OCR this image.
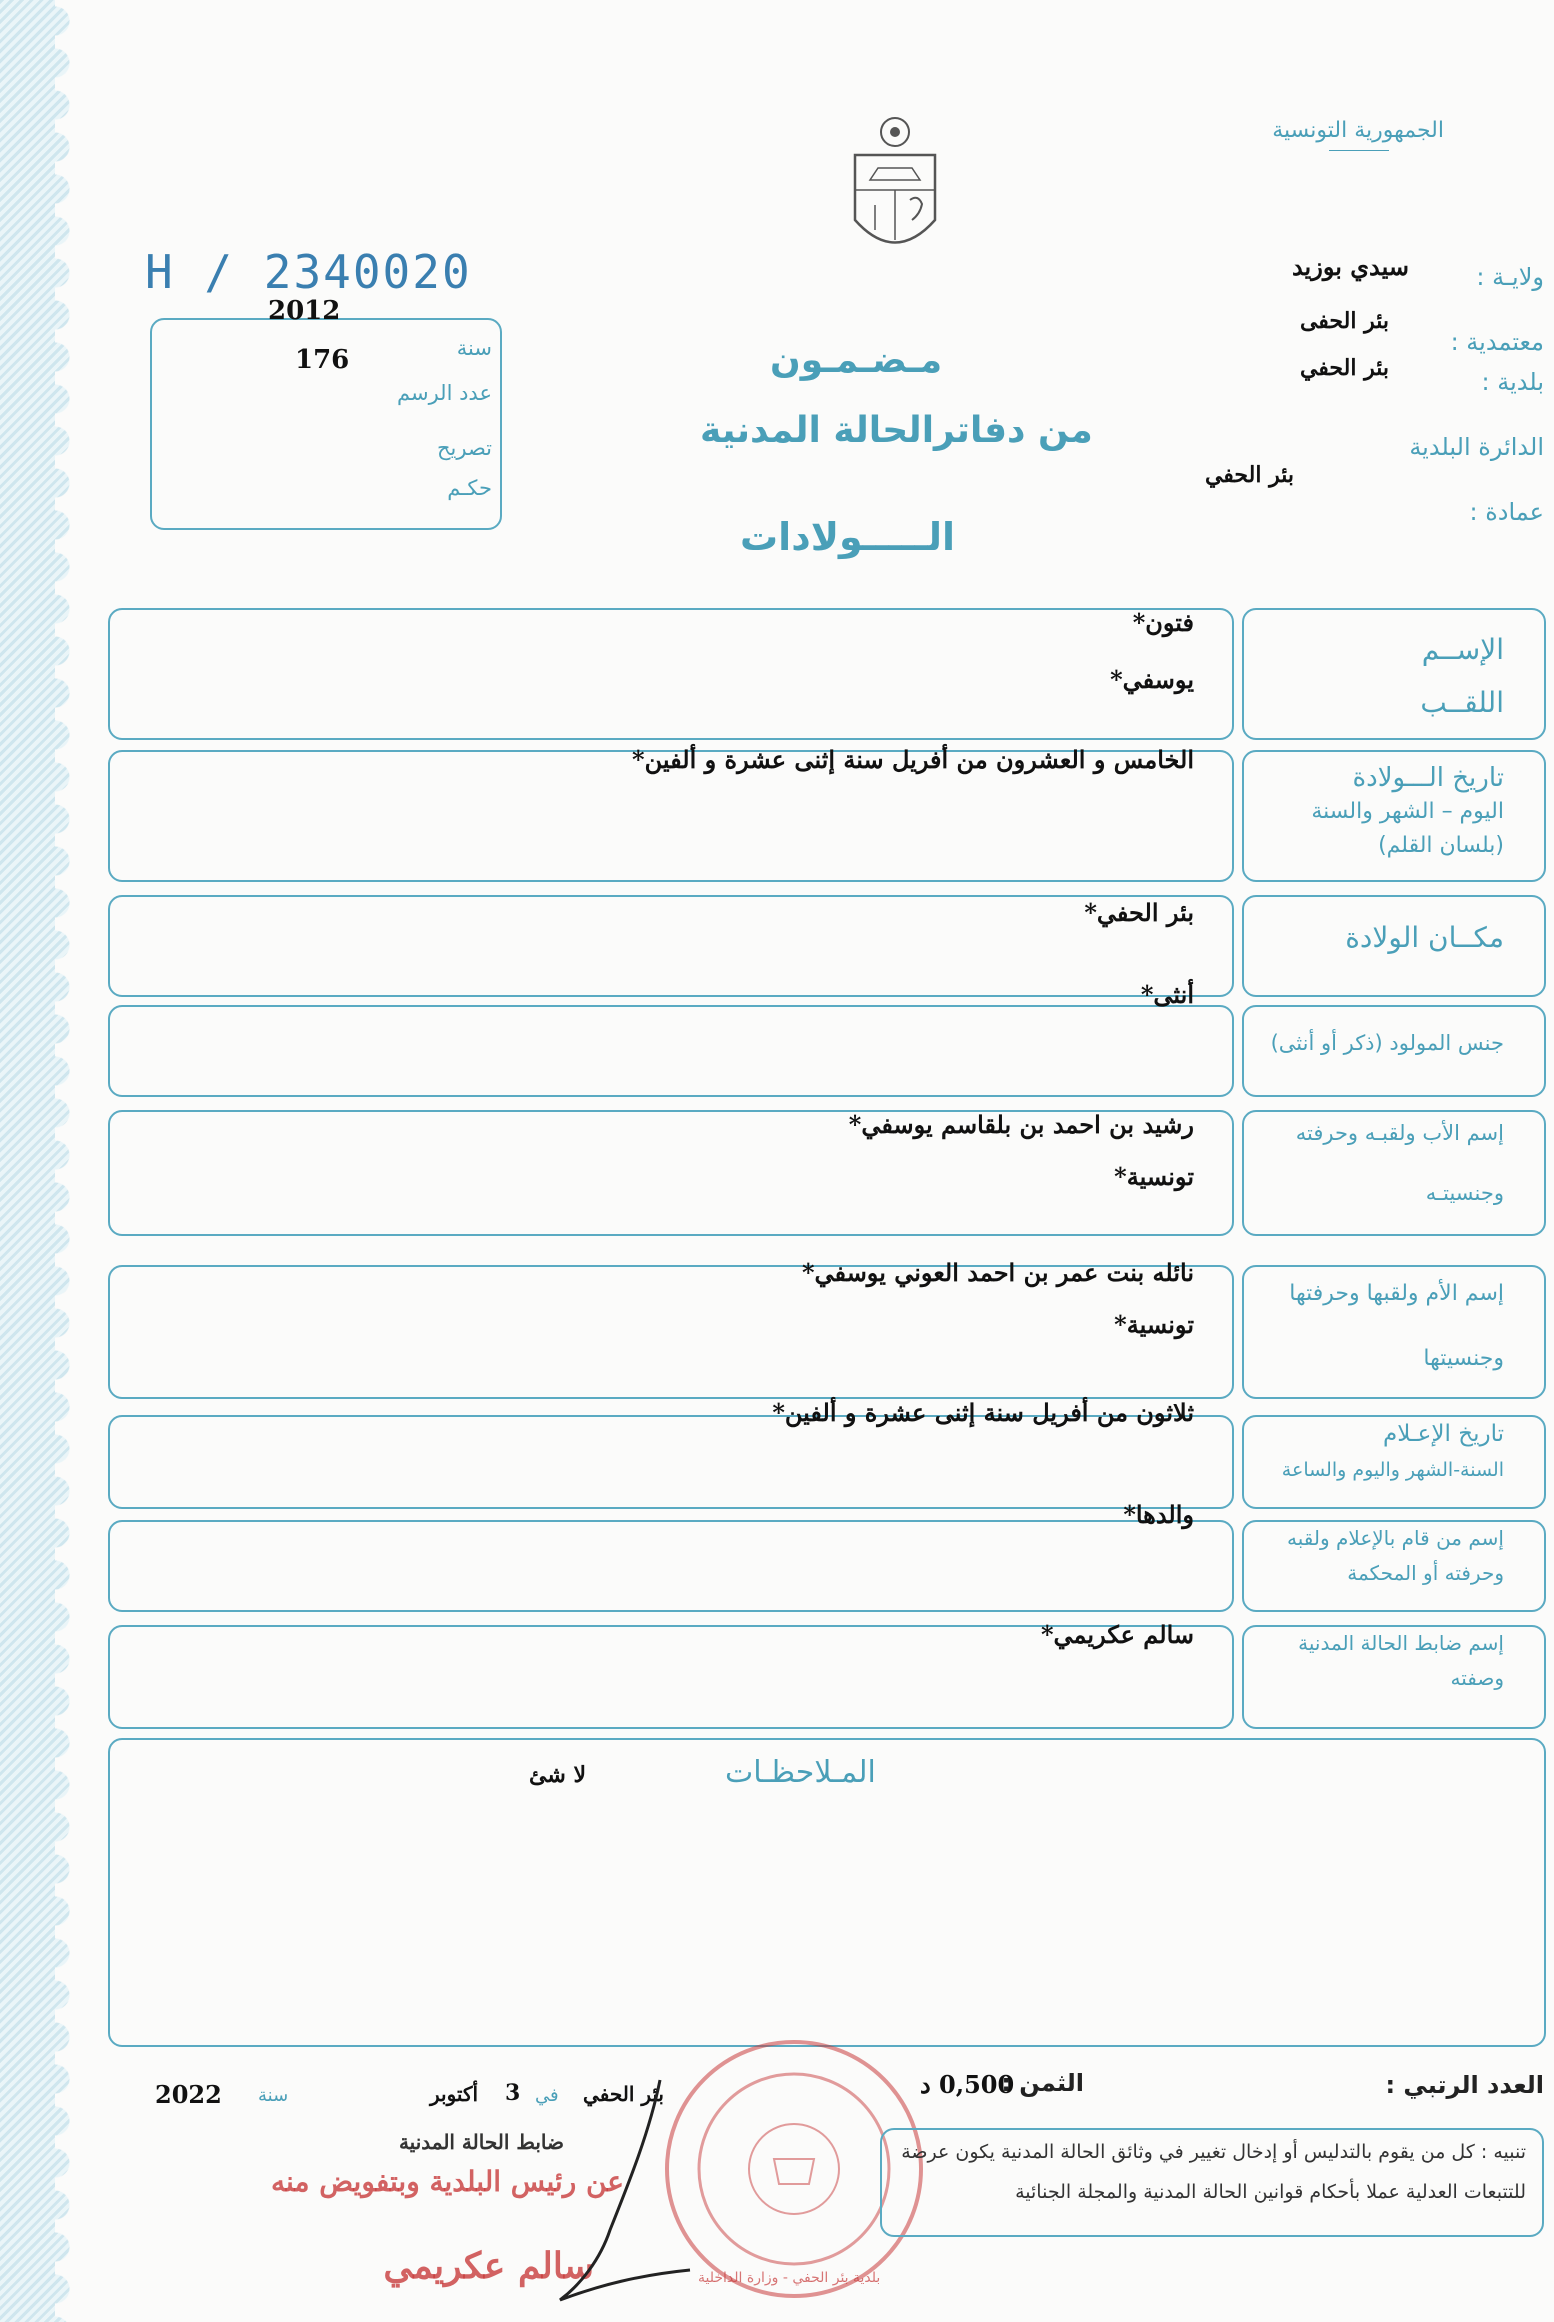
الجمهورية التونسية
H / 2340020
2012
سنة
176
عدد الرسم
تصريح
حكـم
مـضـمـون
من دفاترالحالة المدنية
الـــــولادات
ولايـة :
سيدي بوزيد
معتمدية :
بئر الحفى
بلدية :
بئر الحفي
الدائرة البلدية
عمادة :
بئر الحفي
الإســم
اللقــب
فتون*
يوسفي*
تاريخ الـــولادة
اليوم – الشهر والسنة
(بلسان القلم)
الخامس و العشرون من أفريل سنة إثنى عشرة و ألفين*
مكــان الولادة
بئر الحفي*
جنس المولود (ذكر أو أنثى)
أنثى*
إسم الأب ولقبـه وحرفته
وجنسيتـه
رشيد بن احمد بن بلقاسم يوسفي*
تونسية*
إسم الأم ولقبها وحرفتها
وجنسيتها
نائله بنت عمر بن احمد العوني يوسفي*
تونسية*
تاريخ الإعـلام
السنة-الشهر واليوم والساعة
ثلاثون من أفريل سنة إثنى عشرة و ألفين*
إسم من قام بالإعلام ولقبه
وحرفته أو المحكمة
والدها*
إسم ضابط الحالة المدنية
وصفته
سالم عكريمي*
المـلاحظـات
لا شئ
العدد الرتبي :
الثمن :
0,500 د
بئر الحفي
في
3
أكتوبر
سنة
2022
ضابط الحالة المدنية
عن رئيس البلدية وبتفويض منه
سالم عكريمي	بلدية بئر الحفي - وزارة الداخلية
تنبيه : كل من يقوم بالتدليس أو إدخال تغيير في وثائق الحالة المدنية يكون عرضة
للتتبعات العدلية عملا بأحكام قوانين الحالة المدنية والمجلة الجنائية
